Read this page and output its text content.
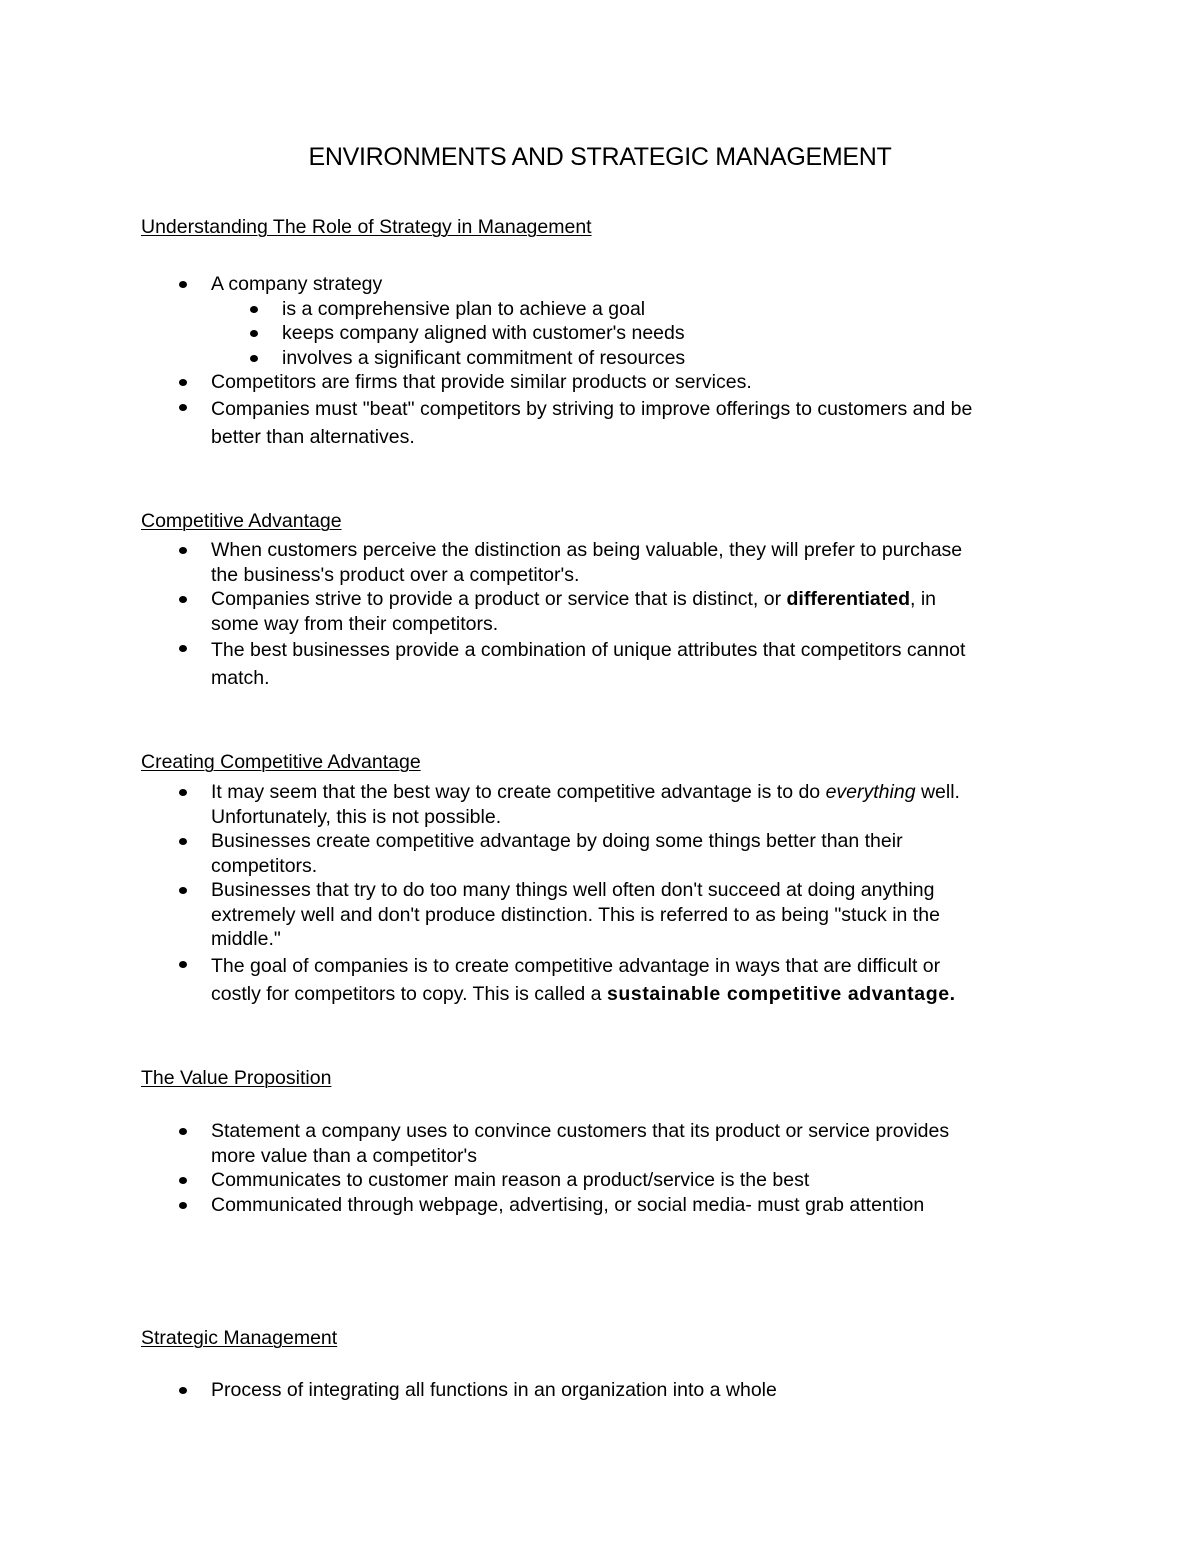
ENVIRONMENTS AND STRATEGIC MANAGEMENT
Understanding The Role of Strategy in Management
A company strategy
is a comprehensive plan to achieve a goal
keeps company aligned with customer's needs
involves a significant commitment of resources
Competitors are firms that provide similar products or services.
Companies must "beat" competitors by striving to improve offerings to customers and be
better than alternatives.
Competitive Advantage
When customers perceive the distinction as being valuable, they will prefer to purchase
the business's product over a competitor's.
Companies strive to provide a product or service that is distinct, or differentiated, in
some way from their competitors.
The best businesses provide a combination of unique attributes that competitors cannot
match.
Creating Competitive Advantage
It may seem that the best way to create competitive advantage is to do everything well.
Unfortunately, this is not possible.
Businesses create competitive advantage by doing some things better than their
competitors.
Businesses that try to do too many things well often don't succeed at doing anything
extremely well and don't produce distinction. This is referred to as being "stuck in the
middle."
The goal of companies is to create competitive advantage in ways that are difficult or
costly for competitors to copy. This is called a sustainable competitive advantage.
The Value Proposition
Statement a company uses to convince customers that its product or service provides
more value than a competitor's
Communicates to customer main reason a product/service is the best
Communicated through webpage, advertising, or social media- must grab attention
Strategic Management
Process of integrating all functions in an organization into a whole
